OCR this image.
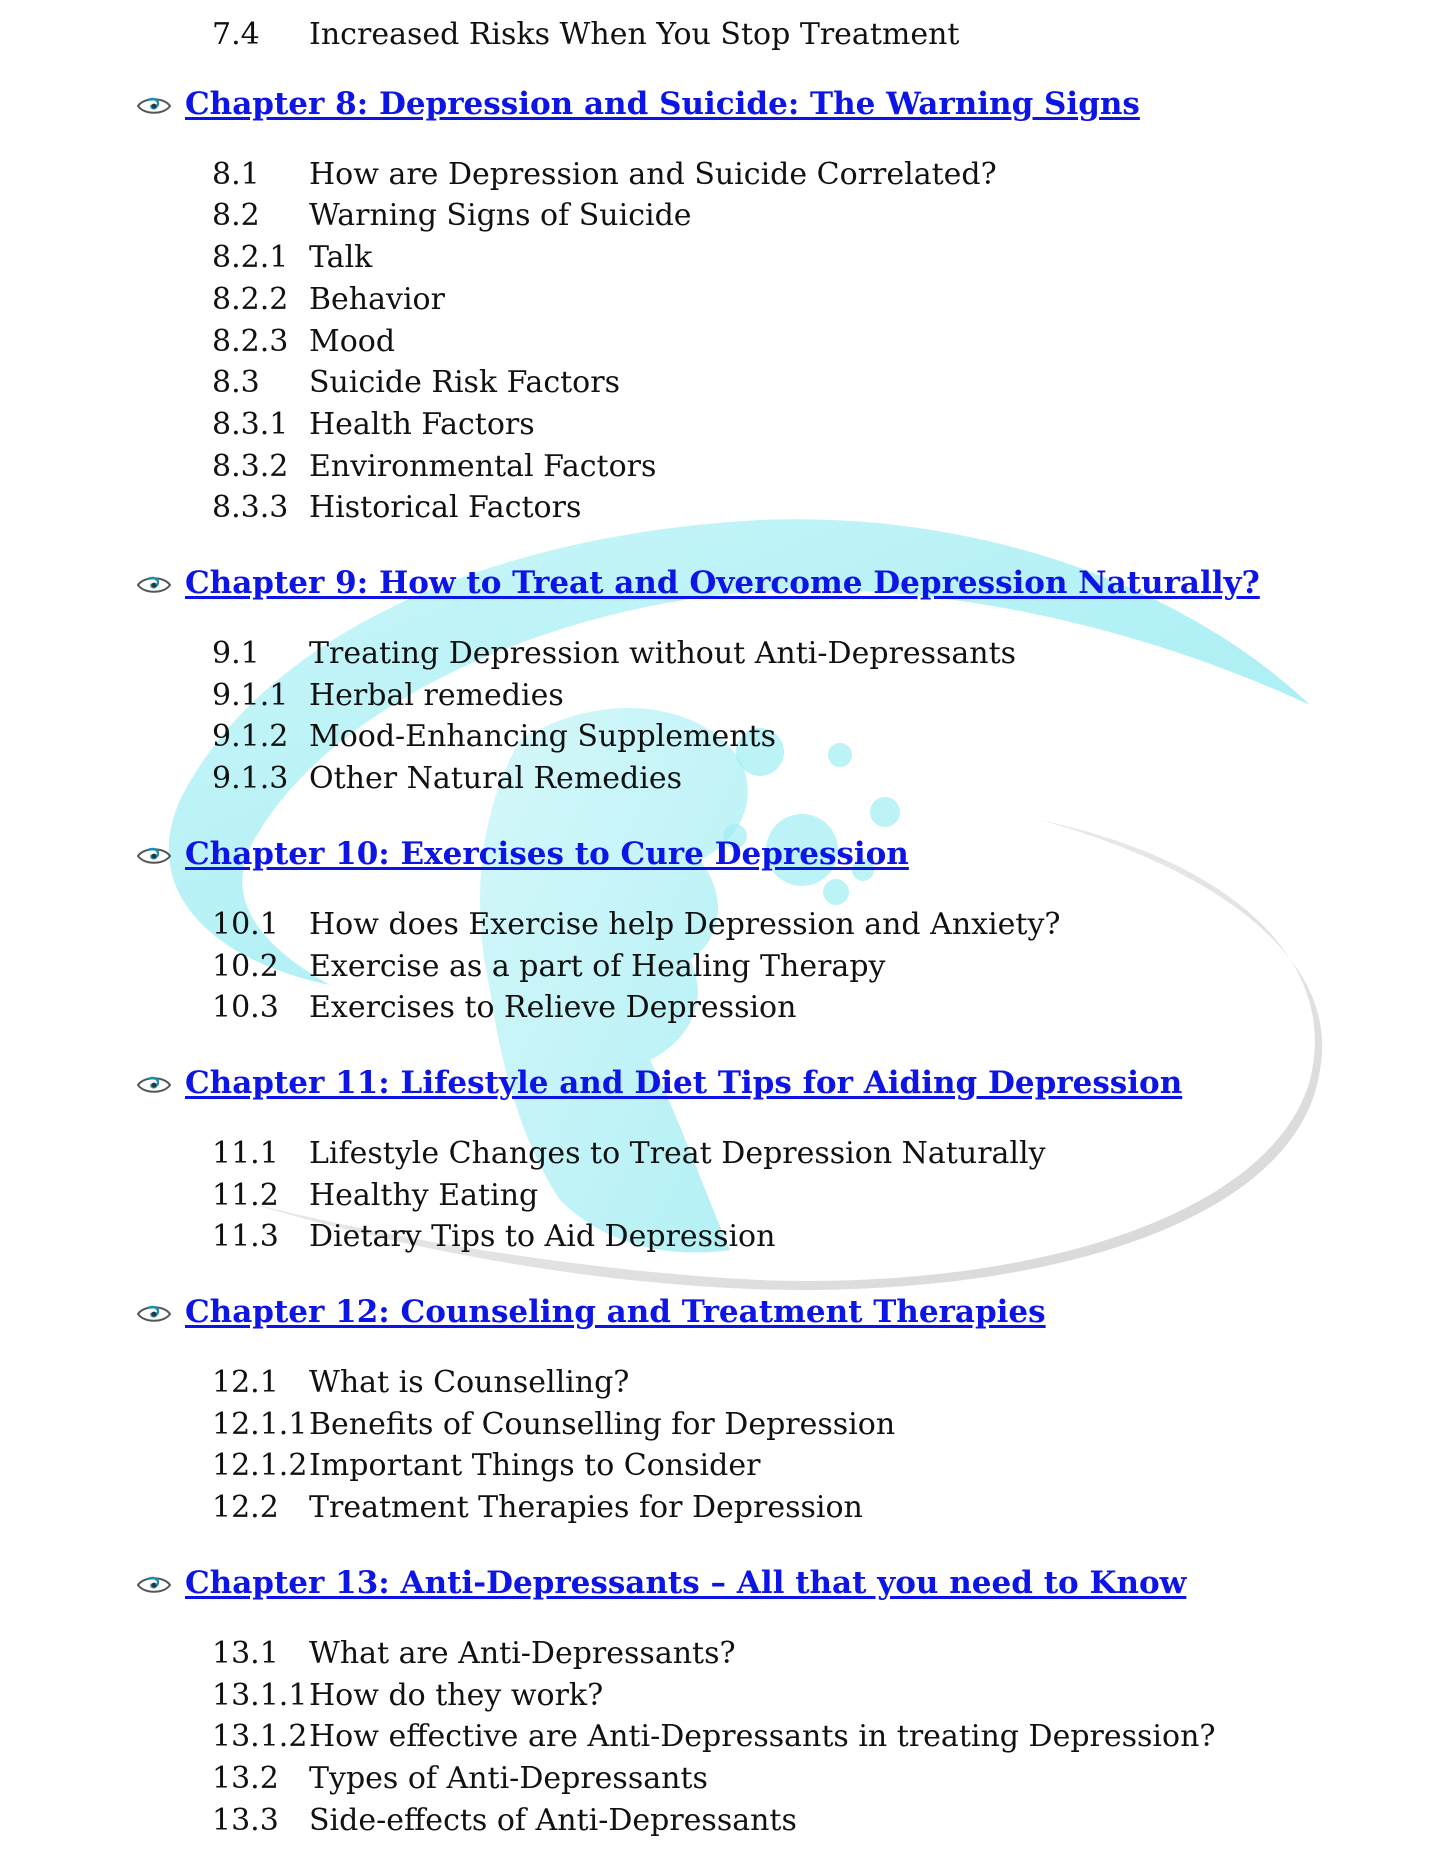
7.4 Increased Risks When You Stop Treatment
Chapter 8: Depression and Suicide: The Warning Signs
8.1 How are Depression and Suicide Correlated?
8.2 Warning Signs of Suicide
8.2.1 Talk
8.2.2 Behavior
8.2.3 Mood
8.3 Suicide Risk Factors
8.3.1 Health Factors
8.3.2 Environmental Factors
8.3.3 Historical Factors
Chapter 9: How to Treat and Overcome Depression Naturally?
9.1 Treating Depression without Anti-Depressants
9.1.1 Herbal remedies
9.1.2 Mood-Enhancing Supplements
9.1.3 Other Natural Remedies
Chapter 10: Exercises to Cure Depression
10.1 How does Exercise help Depression and Anxiety?
10.2 Exercise as a part of Healing Therapy
10.3 Exercises to Relieve Depression
Chapter 11: Lifestyle and Diet Tips for Aiding Depression
11.1 Lifestyle Changes to Treat Depression Naturally
11.2 Healthy Eating
11.3 Dietary Tips to Aid Depression
Chapter 12: Counseling and Treatment Therapies
12.1 What is Counselling?
12.1.1 Benefits of Counselling for Depression
12.1.2 Important Things to Consider
12.2 Treatment Therapies for Depression
Chapter 13: Anti-Depressants – All that you need to Know
13.1 What are Anti-Depressants?
13.1.1 How do they work?
13.1.2 How effective are Anti-Depressants in treating Depression?
13.2 Types of Anti-Depressants
13.3 Side-effects of Anti-Depressants
